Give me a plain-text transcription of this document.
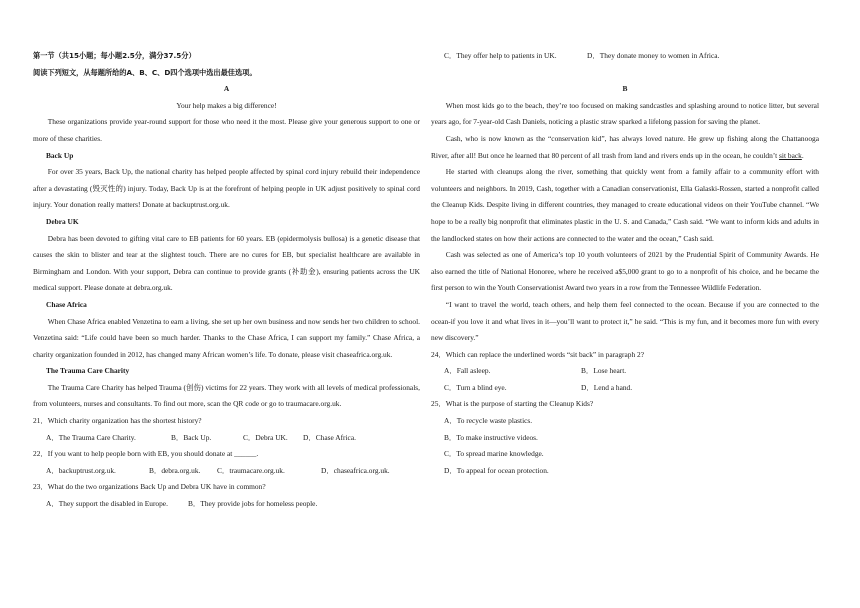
第一节（共15小题；每小题2.5分，满分37.5分）

阅读下列短文，从每题所给的A、B、C、D四个选项中选出最佳选项。

A

Your help makes a big difference!

These organizations provide year-round support for those who need it the most. Please give your generous support to one or more of these charities.

Back Up

For over 35 years, Back Up, the national charity has helped people affected by spinal cord injury rebuild their independence after a devastating (毁灭性的) injury. Today, Back Up is at the forefront of helping people in UK adjust positively to spinal cord injury. Your donation really matters! Donate at backuptrust.org.uk.

Debra UK

Debra has been devoted to gifting vital care to EB patients for 60 years. EB (epidermolysis bullosa) is a genetic disease that causes the skin to blister and tear at the slightest touch. There are no cures for EB, but specialist healthcare are available in Birmingham and London. With your support, Debra can continue to provide grants (补助金), ensuring patients across the UK medical support. Please donate at debra.org.uk.

Chase Africa

When Chase Africa enabled Venzetina to earn a living, she set up her own business and now sends her two children to school. Venzetina said: “Life could have been so much harder. Thanks to the Chase Africa, I can support my family.” Chase Africa, a charity organization founded in 2012, has changed many African women’s life. To donate, please visit chaseafrica.org.uk.

The Trauma Care Charity

The Trauma Care Charity has helped Trauma (创伤) victims for 22 years. They work with all levels of medical professionals, from volunteers, nurses and consultants. To find out more, scan the QR code or go to traumacare.org.uk.

21．Which charity organization has the shortest history?

A．The Trauma Care Charity.	B．Back Up.	C．Debra UK.	D．Chase Africa.

22．If you want to help people born with EB, you should donate at ______.

A．backuptrust.org.uk.	B．debra.org.uk.	C．traumacare.org.uk.	D．chaseafrica.org.uk.

23．What do the two organizations Back Up and Debra UK have in common?

A．They support the disabled in Europe.	B．They provide jobs for homeless people.
C．They offer help to patients in UK.	D．They donate money to women in Africa.

B

When most kids go to the beach, they’re too focused on making sandcastles and splashing around to notice litter, but several years ago, for 7-year-old Cash Daniels, noticing a plastic straw sparked a lifelong passion for saving the planet.

Cash, who is now known as the “conservation kid”, has always loved nature. He grew up fishing along the Chattanooga River, after all! But once he learned that 80 percent of all trash from land and rivers ends up in the ocean, he couldn’t sit back.

He started with cleanups along the river, something that quickly went from a family affair to a community effort with volunteers and neighbors. In 2019, Cash, together with a Canadian conservationist, Ella Galaski-Rossen, started a nonprofit called the Cleanup Kids. Despite living in different countries, they managed to create educational videos on their YouTube channel. “We hope to be a really big nonprofit that eliminates plastic in the U. S. and Canada,” Cash said. “We want to inform kids and adults in the landlocked states on how their actions are connected to the water and the ocean,” Cash said.

Cash was selected as one of America’s top 10 youth volunteers of 2021 by the Prudential Spirit of Community Awards. He also earned the title of National Honoree, where he received a$5,000 grant to go to a nonprofit of his choice, and he became the first person to win the Youth Conservationist Award two years in a row from the Tennessee Wildlife Federation.

“I want to travel the world, teach others, and help them feel connected to the ocean. Because if you are connected to the ocean-if you love it and what lives in it—you’ll want to protect it,” he said. “This is my fun, and it becomes more fun with every new discovery.”

24．Which can replace the underlined words “sit back” in paragraph 2?

A．Fall asleep.	B．Lose heart.
C．Turn a blind eye.	D．Lend a hand.

25．What is the purpose of starting the Cleanup Kids?

A．To recycle waste plastics.

B．To make instructive videos.

C．To spread marine knowledge.

D．To appeal for ocean protection.
